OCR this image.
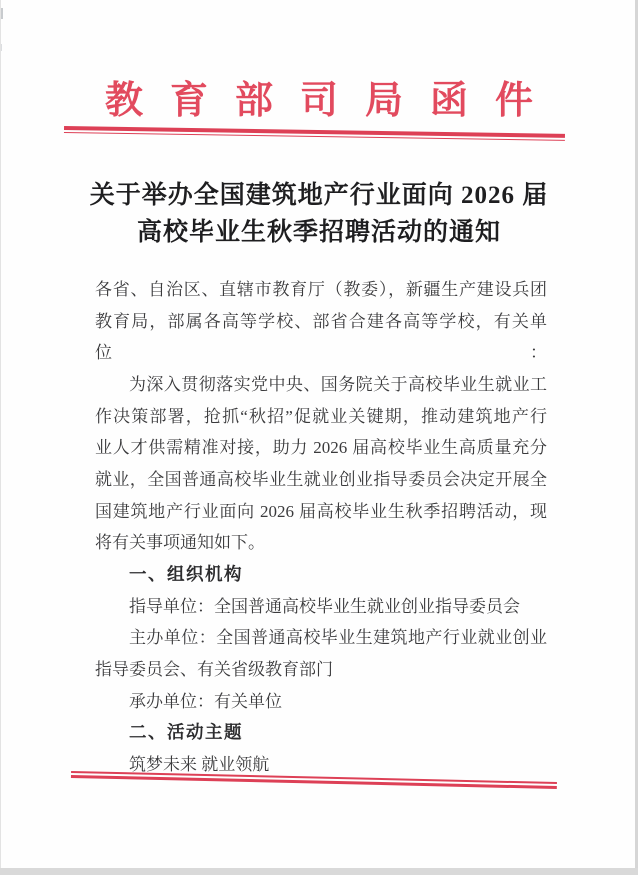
教育部司局函件
关于举办全国建筑地产行业面向 2026 届
高校毕业生秋季招聘活动的通知
各省、自治区、直辖市教育厅（教委），新疆生产建设兵团
教育局，部属各高等学校、部省合建各高等学校，有关单位：
为深入贯彻落实党中央、国务院关于高校毕业生就业工
作决策部署，抢抓“秋招”促就业关键期，推动建筑地产行
业人才供需精准对接，助力 2026 届高校毕业生高质量充分
就业，全国普通高校毕业生就业创业指导委员会决定开展全
国建筑地产行业面向 2026 届高校毕业生秋季招聘活动，现
将有关事项通知如下。
一、组织机构
指导单位：全国普通高校毕业生就业创业指导委员会
主办单位：全国普通高校毕业生建筑地产行业就业创业
指导委员会、有关省级教育部门
承办单位：有关单位
二、活动主题
筑梦未来 就业领航
